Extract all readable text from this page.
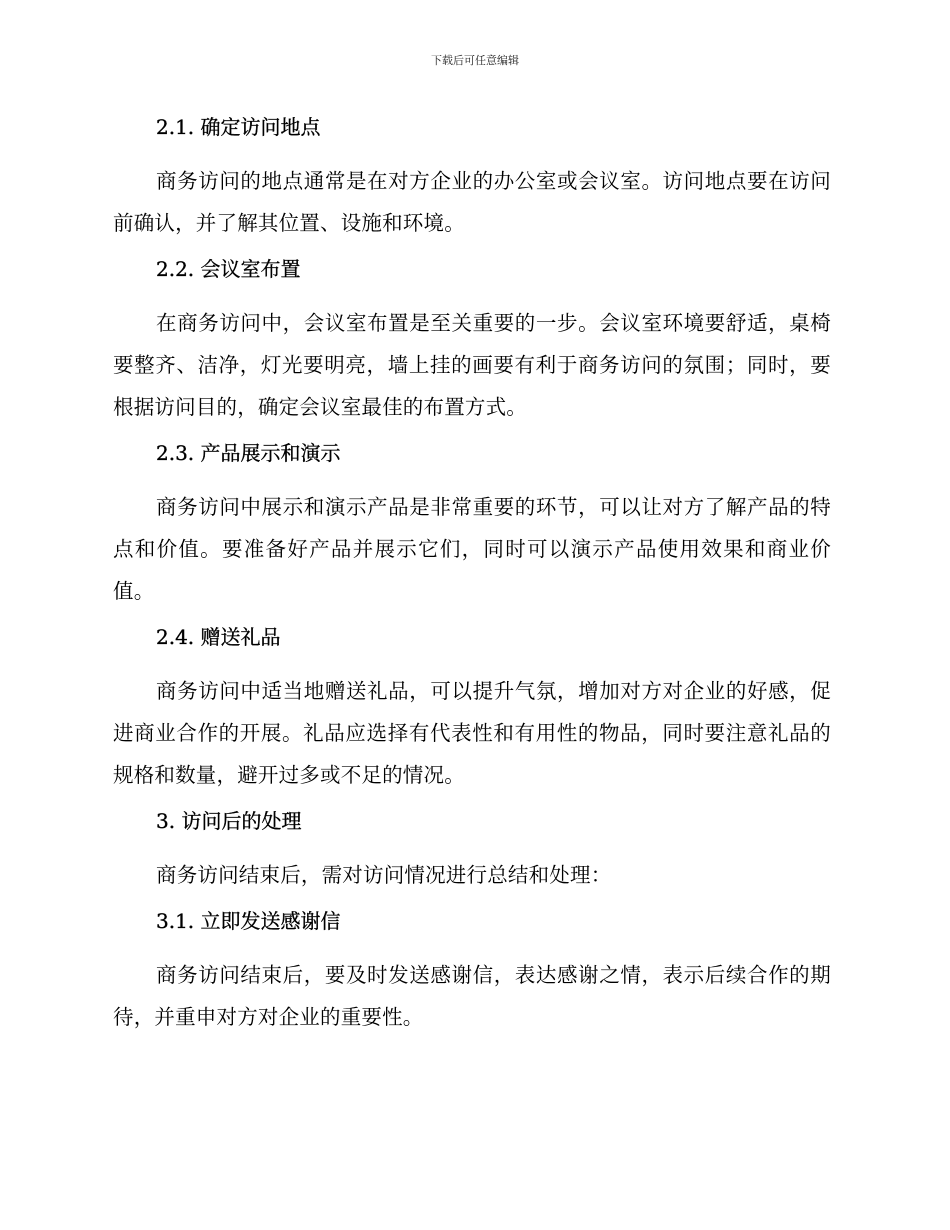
下载后可任意编辑
2.1. 确定访问地点

商务访问的地点通常是在对方企业的办公室或会议室。访问地点要在访问前确认，并了解其位置、设施和环境。

2.2. 会议室布置

在商务访问中，会议室布置是至关重要的一步。会议室环境要舒适，桌椅要整齐、洁净，灯光要明亮，墙上挂的画要有利于商务访问的氛围；同时，要根据访问目的，确定会议室最佳的布置方式。

2.3. 产品展示和演示

商务访问中展示和演示产品是非常重要的环节，可以让对方了解产品的特点和价值。要准备好产品并展示它们，同时可以演示产品使用效果和商业价值。

2.4. 赠送礼品

商务访问中适当地赠送礼品，可以提升气氛，增加对方对企业的好感，促进商业合作的开展。礼品应选择有代表性和有用性的物品，同时要注意礼品的规格和数量，避开过多或不足的情况。

3. 访问后的处理

商务访问结束后，需对访问情况进行总结和处理：

3.1. 立即发送感谢信

商务访问结束后，要及时发送感谢信，表达感谢之情，表示后续合作的期待，并重申对方对企业的重要性。
